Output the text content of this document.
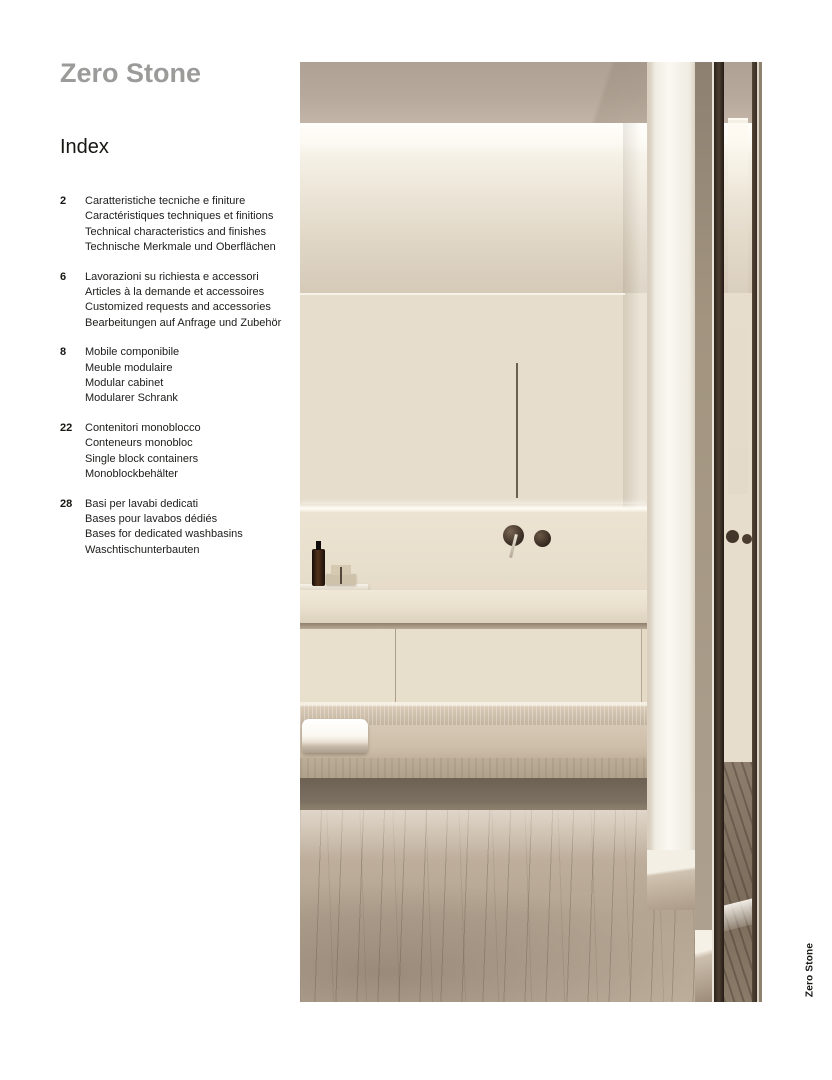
Zero Stone
Index
2	Caratteristiche tecniche e finiture
Caractéristiques techniques et finitions
Technical characteristics and finishes
Technische Merkmale und Oberflächen
6	Lavorazioni su richiesta e accessori
Articles à la demande et accessoires
Customized requests and accessories
Bearbeitungen auf Anfrage und Zubehör
8	Mobile componibile
Meuble modulaire
Modular cabinet
Modularer Schrank
22	Contenitori monoblocco
Conteneurs monobloc
Single block containers
Monoblockbehälter
28	Basi per lavabi dedicati
Bases pour lavabos dédiés
Bases for dedicated washbasins
Waschtischunterbauten
Zero Stone
